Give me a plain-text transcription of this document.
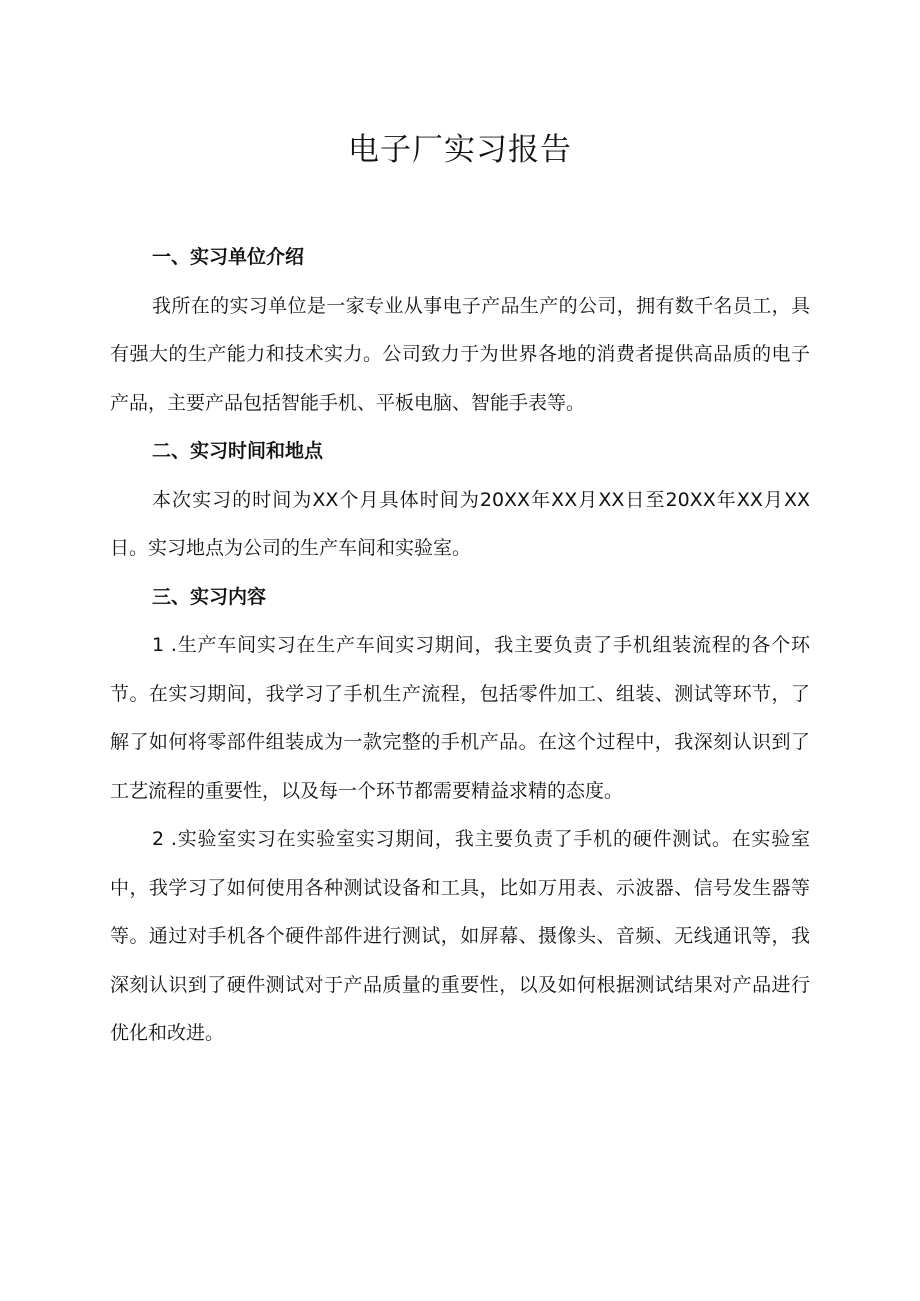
电子厂实习报告
一、实习单位介绍

我所在的实习单位是一家专业从事电子产品生产的公司，拥有数千名员工，具有强大的生产能力和技术实力。公司致力于为世界各地的消费者提供高品质的电子产品，主要产品包括智能手机、平板电脑、智能手表等。

二、实习时间和地点

本次实习的时间为XX个月具体时间为20XX年XX月XX日至20XX年XX月XX日。实习地点为公司的生产车间和实验室。

三、实习内容

1 .生产车间实习在生产车间实习期间，我主要负责了手机组装流程的各个环节。在实习期间，我学习了手机生产流程，包括零件加工、组装、测试等环节，了解了如何将零部件组装成为一款完整的手机产品。在这个过程中，我深刻认识到了工艺流程的重要性，以及每一个环节都需要精益求精的态度。

2 .实验室实习在实验室实习期间，我主要负责了手机的硬件测试。在实验室中，我学习了如何使用各种测试设备和工具，比如万用表、示波器、信号发生器等等。通过对手机各个硬件部件进行测试，如屏幕、摄像头、音频、无线通讯等，我深刻认识到了硬件测试对于产品质量的重要性，以及如何根据测试结果对产品进行优化和改进。
